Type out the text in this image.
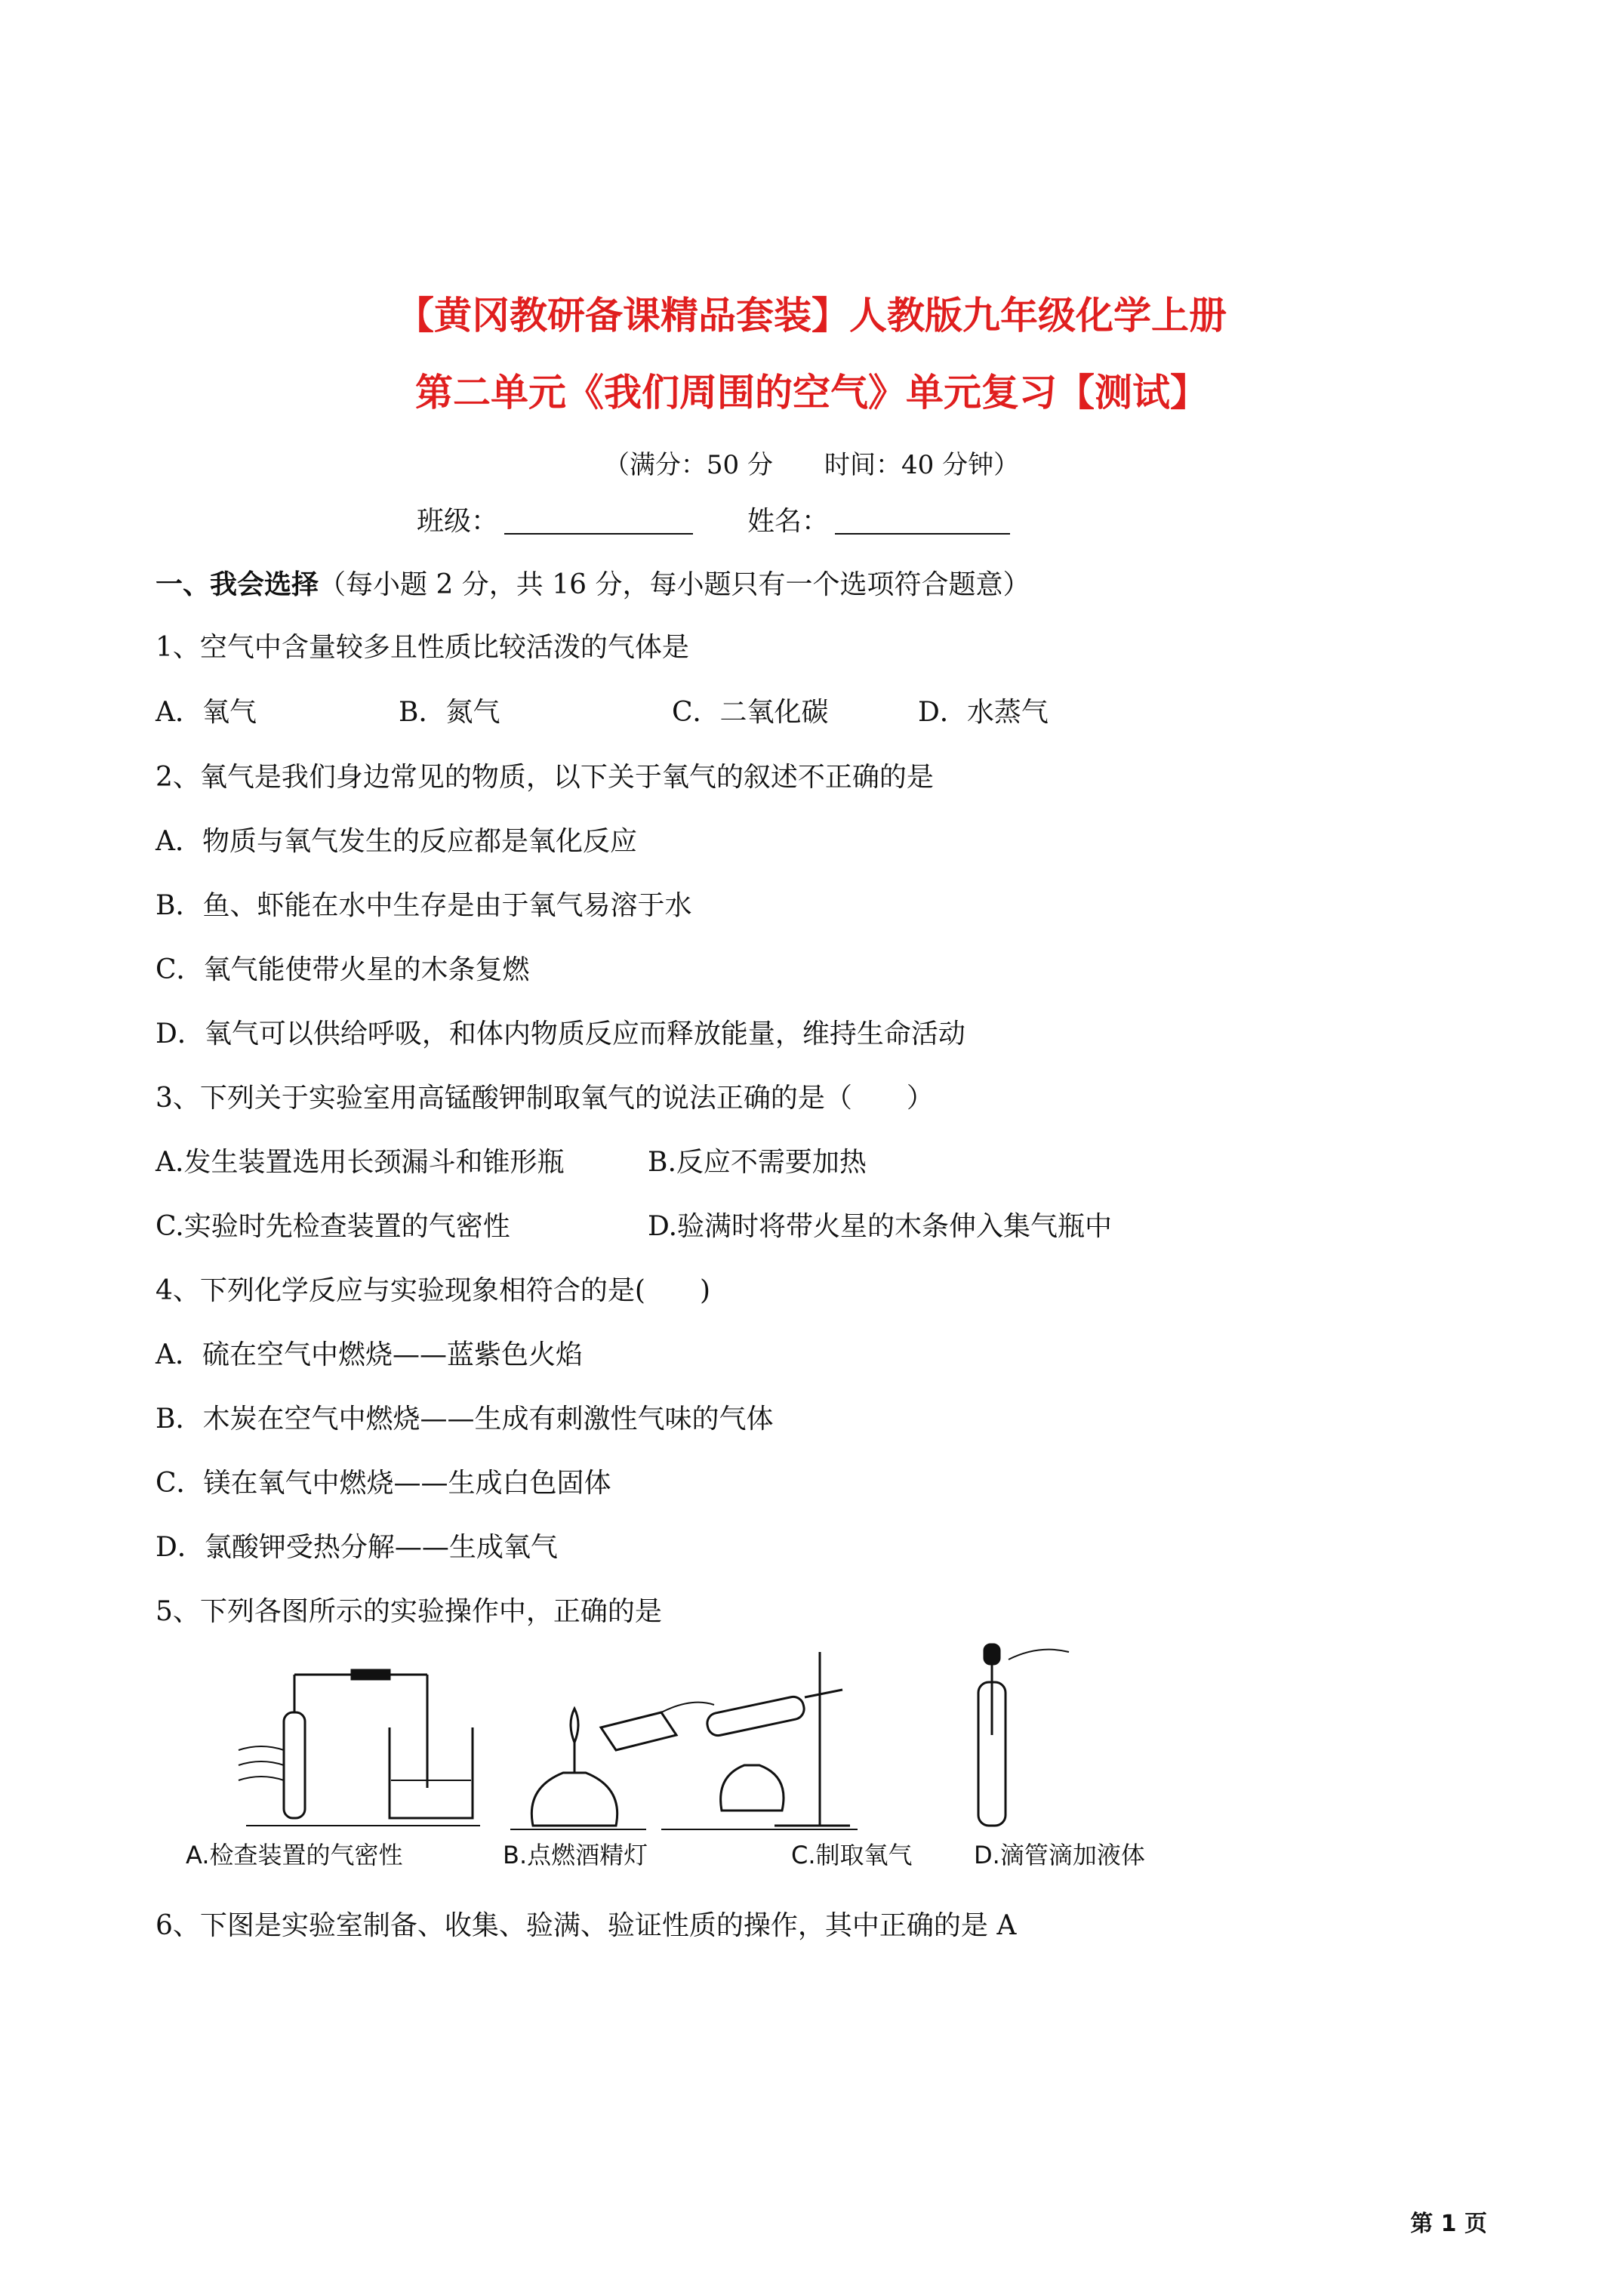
【黄冈教研备课精品套装】人教版九年级化学上册
第二单元《我们周围的空气》单元复习【测试】
（满分：50 分　　时间：40 分钟）
班级：	姓名：
一、我会选择（每小题 2 分，共 16 分，每小题只有一个选项符合题意）
1、空气中含量较多且性质比较活泼的气体是
A．氧气	B．氮气	C．二氧化碳	D．水蒸气
2、氧气是我们身边常见的物质，以下关于氧气的叙述不正确的是
A．物质与氧气发生的反应都是氧化反应
B．鱼、虾能在水中生存是由于氧气易溶于水
C．氧气能使带火星的木条复燃
D．氧气可以供给呼吸，和体内物质反应而释放能量，维持生命活动
3、下列关于实验室用高锰酸钾制取氧气的说法正确的是（　　）
A.发生装置选用长颈漏斗和锥形瓶	B.反应不需要加热
C.实验时先检查装置的气密性	D.验满时将带火星的木条伸入集气瓶中
4、下列化学反应与实验现象相符合的是(　　)
A．硫在空气中燃烧——蓝紫色火焰
B．木炭在空气中燃烧——生成有刺激性气味的气体
C．镁在氧气中燃烧——生成白色固体
D．氯酸钾受热分解——生成氧气
5、下列各图所示的实验操作中，正确的是
A.检查装置的气密性	B.点燃酒精灯	C.制取氧气	D.滴管滴加液体
6、下图是实验室制备、收集、验满、验证性质的操作，其中正确的是 A
第 1 页
